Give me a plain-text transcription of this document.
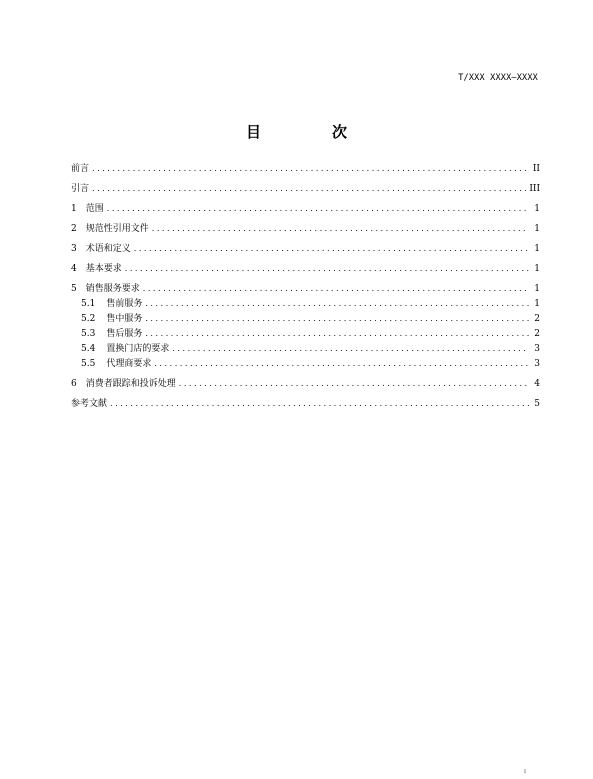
T/XXX XXXX—XXXX
目　次
前言 . . .	II
引言 . . .	III
1 范围 . . .	1
2 规范性引用文件 . . .	1
3 术语和定义 . . .	1
4 基本要求 . . .	1
5 销售服务要求 . . .	1
5.1 售前服务 . . .	1
5.2 售中服务 . . .	2
5.3 售后服务 . . .	2
5.4 置换门店的要求 . . .	3
5.5 代理商要求 . . .	3
6 消费者跟踪和投诉处理 . . .	4
参考文献 . . .	5
I
